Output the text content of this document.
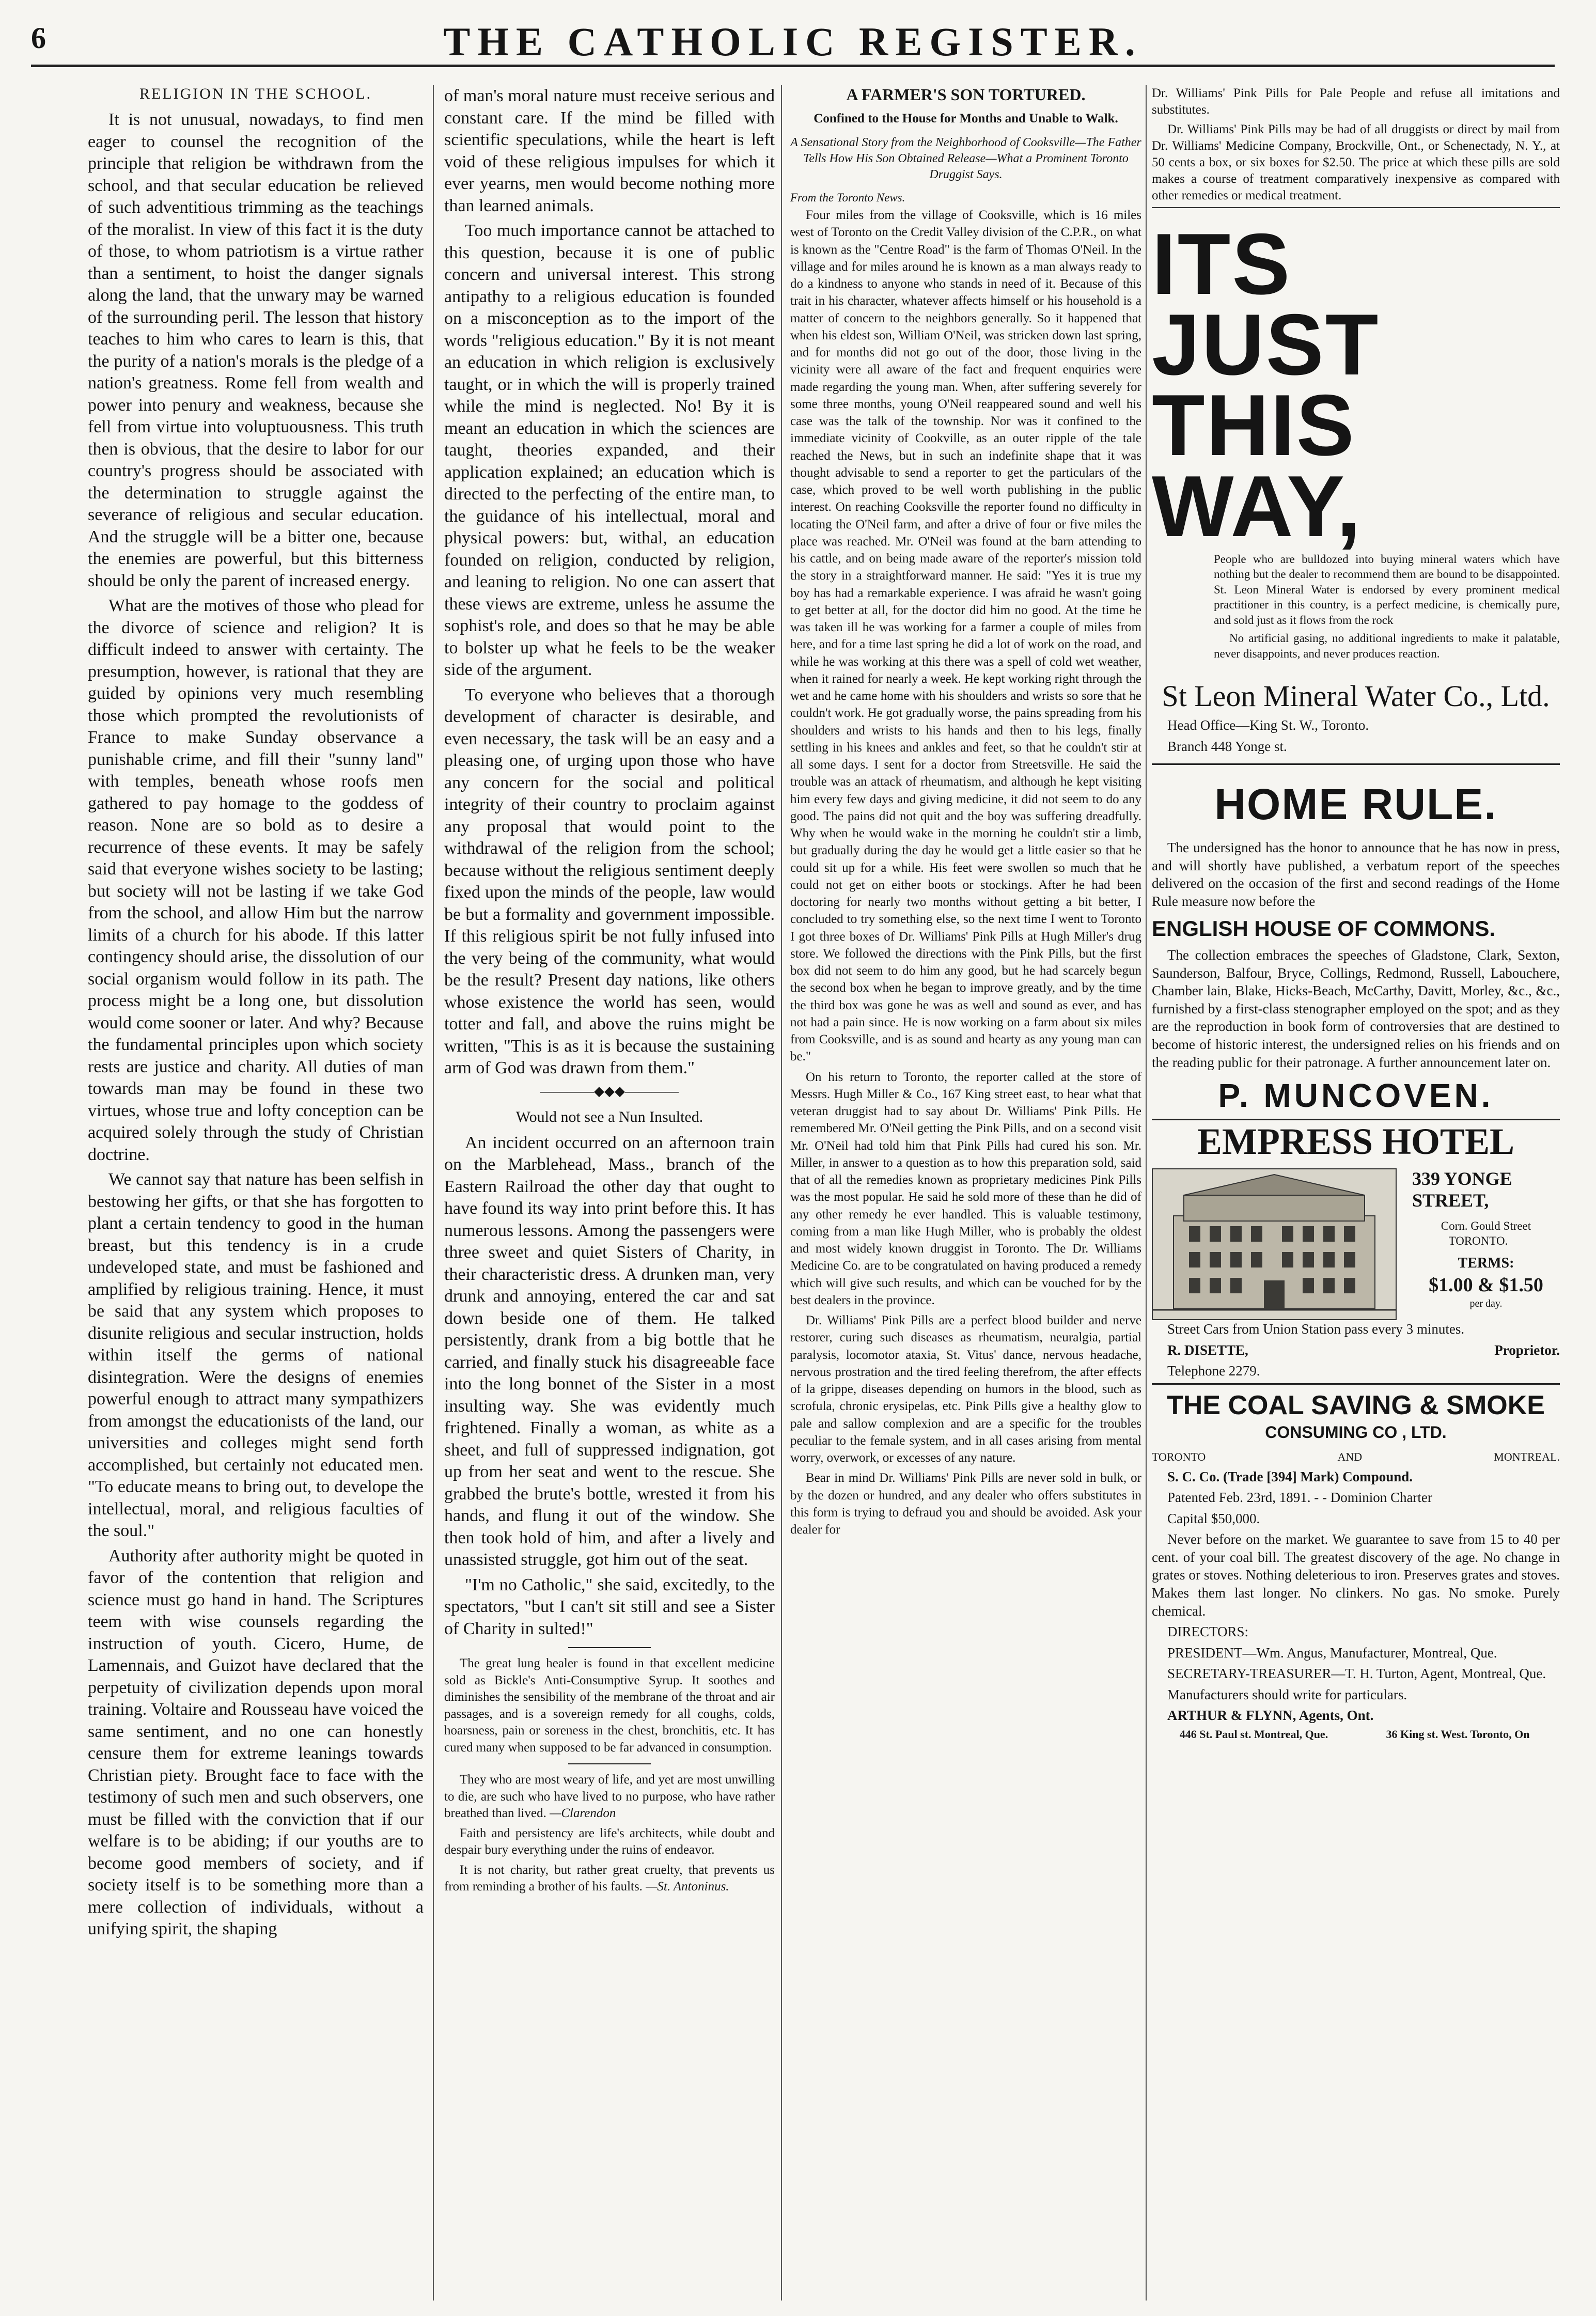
6	THE CATHOLIC REGISTER.
RELIGION IN THE SCHOOL.

It is not unusual, nowadays, to find men eager to counsel the recognition of the principle that religion be withdrawn from the school, and that secular education be relieved of such adventitious trimming as the teachings of the moralist. In view of this fact it is the duty of those, to whom patriotism is a virtue rather than a sentiment, to hoist the danger signals along the land, that the unwary may be warned of the surrounding peril. The lesson that history teaches to him who cares to learn is this, that the purity of a nation's morals is the pledge of a nation's greatness. Rome fell from wealth and power into penury and weakness, because she fell from virtue into voluptuousness. This truth then is obvious, that the desire to labor for our country's progress should be associated with the determination to struggle against the severance of religious and secular education. And the struggle will be a bitter one, because the enemies are powerful, but this bitterness should be only the parent of increased energy.

What are the motives of those who plead for the divorce of science and religion? It is difficult indeed to answer with certainty. The presumption, however, is rational that they are guided by opinions very much resembling those which prompted the revolutionists of France to make Sunday observance a punishable crime, and fill their "sunny land" with temples, beneath whose roofs men gathered to pay homage to the goddess of reason. None are so bold as to desire a recurrence of these events. It may be safely said that everyone wishes society to be lasting; but society will not be lasting if we take God from the school, and allow Him but the narrow limits of a church for his abode. If this latter contingency should arise, the dissolution of our social organism would follow in its path. The process might be a long one, but dissolution would come sooner or later. And why? Because the fundamental principles upon which society rests are justice and charity. All duties of man towards man may be found in these two virtues, whose true and lofty conception can be acquired solely through the study of Christian doctrine.

We cannot say that nature has been selfish in bestowing her gifts, or that she has forgotten to plant a certain tendency to good in the human breast, but this tendency is in a crude undeveloped state, and must be fashioned and amplified by religious training. Hence, it must be said that any system which proposes to disunite religious and secular instruction, holds within itself the germs of national disintegration. Were the designs of enemies powerful enough to attract many sympathizers from amongst the educationists of the land, our universities and colleges might send forth accomplished, but certainly not educated men. "To educate means to bring out, to develope the intellectual, moral, and religious faculties of the soul."

Authority after authority might be quoted in favor of the contention that religion and science must go hand in hand. The Scriptures teem with wise counsels regarding the instruction of youth. Cicero, Hume, de Lamennais, and Guizot have declared that the perpetuity of civilization depends upon moral training. Voltaire and Rousseau have voiced the same sentiment, and no one can honestly censure them for extreme leanings towards Christian piety. Brought face to face with the testimony of such men and such observers, one must be filled with the conviction that if our welfare is to be abiding; if our youths are to become good members of society, and if society itself is to be something more than a mere collection of individuals, without a unifying spirit, the shaping

of man's moral nature must receive serious and constant care. If the mind be filled with scientific speculations, while the heart is left void of these religious impulses for which it ever yearns, men would become nothing more than learned animals.

Too much importance cannot be attached to this question, because it is one of public concern and universal interest. This strong antipathy to a religious education is founded on a misconception as to the import of the words "religious education." By it is not meant an education in which religion is exclusively taught, or in which the will is properly trained while the mind is neglected. No! By it is meant an education in which the sciences are taught, theories expanded, and their application explained; an education which is directed to the perfecting of the entire man, to the guidance of his intellectual, moral and physical powers: but, withal, an education founded on religion, conducted by religion, and leaning to religion. No one can assert that these views are extreme, unless he assume the sophist's role, and does so that he may be able to bolster up what he feels to be the weaker side of the argument.

To everyone who believes that a thorough development of character is desirable, and even necessary, the task will be an easy and a pleasing one, of urging upon those who have any concern for the social and political integrity of their country to proclaim against any proposal that would point to the withdrawal of the religion from the school; because without the religious sentiment deeply fixed upon the minds of the people, law would be but a formality and government impossible. If this religious spirit be not fully infused into the very being of the community, what would be the result? Present day nations, like others whose existence the world has seen, would totter and fall, and above the ruins might be written, "This is as it is because the sustaining arm of God was drawn from them."

————◆◆◆————
Would not see a Nun Insulted.

An incident occurred on an afternoon train on the Marblehead, Mass., branch of the Eastern Railroad the other day that ought to have found its way into print before this. It has numerous lessons. Among the passengers were three sweet and quiet Sisters of Charity, in their characteristic dress. A drunken man, very drunk and annoying, entered the car and sat down beside one of them. He talked persistently, drank from a big bottle that he carried, and finally stuck his disagreeable face into the long bonnet of the Sister in a most insulting way. She was evidently much frightened. Finally a woman, as white as a sheet, and full of suppressed indignation, got up from her seat and went to the rescue. She grabbed the brute's bottle, wrested it from his hands, and flung it out of the window. She then took hold of him, and after a lively and unassisted struggle, got him out of the seat.

"I'm no Catholic," she said, excitedly, to the spectators, "but I can't sit still and see a Sister of Charity in sulted!"

The great lung healer is found in that excellent medicine sold as Bickle's Anti-Consumptive Syrup. It soothes and diminishes the sensibility of the membrane of the throat and air passages, and is a sovereign remedy for all coughs, colds, hoarsness, pain or soreness in the chest, bronchitis, etc. It has cured many when supposed to be far advanced in consumption.

They who are most weary of life, and yet are most unwilling to die, are such who have lived to no purpose, who have rather breathed than lived. —Clarendon

Faith and persistency are life's architects, while doubt and despair bury everything under the ruins of endeavor.

It is not charity, but rather great cruelty, that prevents us from reminding a brother of his faults. —St. Antoninus.

A FARMER'S SON TORTURED.
Confined to the House for Months and Unable to Walk.
A Sensational Story from the Neighborhood of Cooksville—The Father Tells How His Son Obtained Release—What a Prominent Toronto Druggist Says.
From the Toronto News.

Four miles from the village of Cooksville, which is 16 miles west of Toronto on the Credit Valley division of the C.P.R., on what is known as the "Centre Road" is the farm of Thomas O'Neil. In the village and for miles around he is known as a man always ready to do a kindness to anyone who stands in need of it. Because of this trait in his character, whatever affects himself or his household is a matter of concern to the neighbors generally. So it happened that when his eldest son, William O'Neil, was stricken down last spring, and for months did not go out of the door, those living in the vicinity were all aware of the fact and frequent enquiries were made regarding the young man. When, after suffering severely for some three months, young O'Neil reappeared sound and well his case was the talk of the township. Nor was it confined to the immediate vicinity of Cookville, as an outer ripple of the tale reached the News, but in such an indefinite shape that it was thought advisable to send a reporter to get the particulars of the case, which proved to be well worth publishing in the public interest. On reaching Cooksville the reporter found no difficulty in locating the O'Neil farm, and after a drive of four or five miles the place was reached. Mr. O'Neil was found at the barn attending to his cattle, and on being made aware of the reporter's mission told the story in a straightforward manner. He said: "Yes it is true my boy has had a remarkable experience. I was afraid he wasn't going to get better at all, for the doctor did him no good. At the time he was taken ill he was working for a farmer a couple of miles from here, and for a time last spring he did a lot of work on the road, and while he was working at this there was a spell of cold wet weather, when it rained for nearly a week. He kept working right through the wet and he came home with his shoulders and wrists so sore that he couldn't work. He got gradually worse, the pains spreading from his shoulders and wrists to his hands and then to his legs, finally settling in his knees and ankles and feet, so that he couldn't stir at all some days. I sent for a doctor from Streetsville. He said the trouble was an attack of rheumatism, and although he kept visiting him every few days and giving medicine, it did not seem to do any good. The pains did not quit and the boy was suffering dreadfully. Why when he would wake in the morning he couldn't stir a limb, but gradually during the day he would get a little easier so that he could sit up for a while. His feet were swollen so much that he could not get on either boots or stockings. After he had been doctoring for nearly two months without getting a bit better, I concluded to try something else, so the next time I went to Toronto I got three boxes of Dr. Williams' Pink Pills at Hugh Miller's drug store. We followed the directions with the Pink Pills, but the first box did not seem to do him any good, but he had scarcely begun the second box when he began to improve greatly, and by the time the third box was gone he was as well and sound as ever, and has not had a pain since. He is now working on a farm about six miles from Cooksville, and is as sound and hearty as any young man can be."

On his return to Toronto, the reporter called at the store of Messrs. Hugh Miller & Co., 167 King street east, to hear what that veteran druggist had to say about Dr. Williams' Pink Pills. He remembered Mr. O'Neil getting the Pink Pills, and on a second visit Mr. O'Neil had told him that Pink Pills had cured his son. Mr. Miller, in answer to a question as to how this preparation sold, said that of all the remedies known as proprietary medicines Pink Pills was the most popular. He said he sold more of these than he did of any other remedy he ever handled. This is valuable testimony, coming from a man like Hugh Miller, who is probably the oldest and most widely known druggist in Toronto. The Dr. Williams Medicine Co. are to be congratulated on having produced a remedy which will give such results, and which can be vouched for by the best dealers in the province.

Dr. Williams' Pink Pills are a perfect blood builder and nerve restorer, curing such diseases as rheumatism, neuralgia, partial paralysis, locomotor ataxia, St. Vitus' dance, nervous headache, nervous prostration and the tired feeling therefrom, the after effects of la grippe, diseases depending on humors in the blood, such as scrofula, chronic erysipelas, etc. Pink Pills give a healthy glow to pale and sallow complexion and are a specific for the troubles peculiar to the female system, and in all cases arising from mental worry, overwork, or excesses of any nature.

Bear in mind Dr. Williams' Pink Pills are never sold in bulk, or by the dozen or hundred, and any dealer who offers substitutes in this form is trying to defraud you and should be avoided. Ask your dealer for

Dr. Williams' Pink Pills for Pale People and refuse all imitations and substitutes.

Dr. Williams' Pink Pills may be had of all druggists or direct by mail from Dr. Williams' Medicine Company, Brockville, Ont., or Schenectady, N. Y., at 50 cents a box, or six boxes for $2.50. The price at which these pills are sold makes a course of treatment comparatively inexpensive as compared with other remedies or medical treatment.

ITS
JUST
THIS
WAY,

People who are bulldozed into buying mineral waters which have nothing but the dealer to recommend them are bound to be disappointed. St. Leon Mineral Water is endorsed by every prominent medical practitioner in this country, is a perfect medicine, is chemically pure, and sold just as it flows from the rock

No artificial gasing, no additional ingredients to make it palatable, never disappoints, and never produces reaction.

St Leon Mineral Water Co., Ltd.

Head Office—King St. W., Toronto.

Branch 448 Yonge st.

HOME RULE.

The undersigned has the honor to announce that he has now in press, and will shortly have published, a verbatum report of the speeches delivered on the occasion of the first and second readings of the Home Rule measure now before the

ENGLISH HOUSE OF COMMONS.

The collection embraces the speeches of Gladstone, Clark, Sexton, Saunderson, Balfour, Bryce, Collings, Redmond, Russell, Labouchere, Chamber lain, Blake, Hicks-Beach, McCarthy, Davitt, Morley, &c., &c., furnished by a first-class stenographer employed on the spot; and as they are the reproduction in book form of controversies that are destined to become of historic interest, the undersigned relies on his friends and on the reading public for their patronage. A further announcement later on.

P. MUNCOVEN.
EMPRESS HOTEL

339 YONGE

STREET,

Corn. Gould Street TORONTO.

TERMS:

$1.00 & $1.50

per day.

Street Cars from Union Station pass every 3 minutes.

R. DISETTE,	Proprietor.

Telephone 2279.

THE COAL SAVING & SMOKE
CONSUMING CO , LTD.
TORONTO	AND	MONTREAL.

S. C. Co. (Trade [394] Mark) Compound.

Patented Feb. 23rd, 1891. - - Dominion Charter

Capital $50,000.

Never before on the market. We guarantee to save from 15 to 40 per cent. of your coal bill. The greatest discovery of the age. No change in grates or stoves. Nothing deleterious to iron. Preserves grates and stoves. Makes them last longer. No clinkers. No gas. No smoke. Purely chemical.

DIRECTORS:

PRESIDENT—Wm. Angus, Manufacturer, Montreal, Que.

SECRETARY-TREASURER—T. H. Turton, Agent, Montreal, Que.

Manufacturers should write for particulars.

ARTHUR & FLYNN, Agents, Ont.

446 St. Paul st. Montreal, Que.	36 King st. West. Toronto, On
